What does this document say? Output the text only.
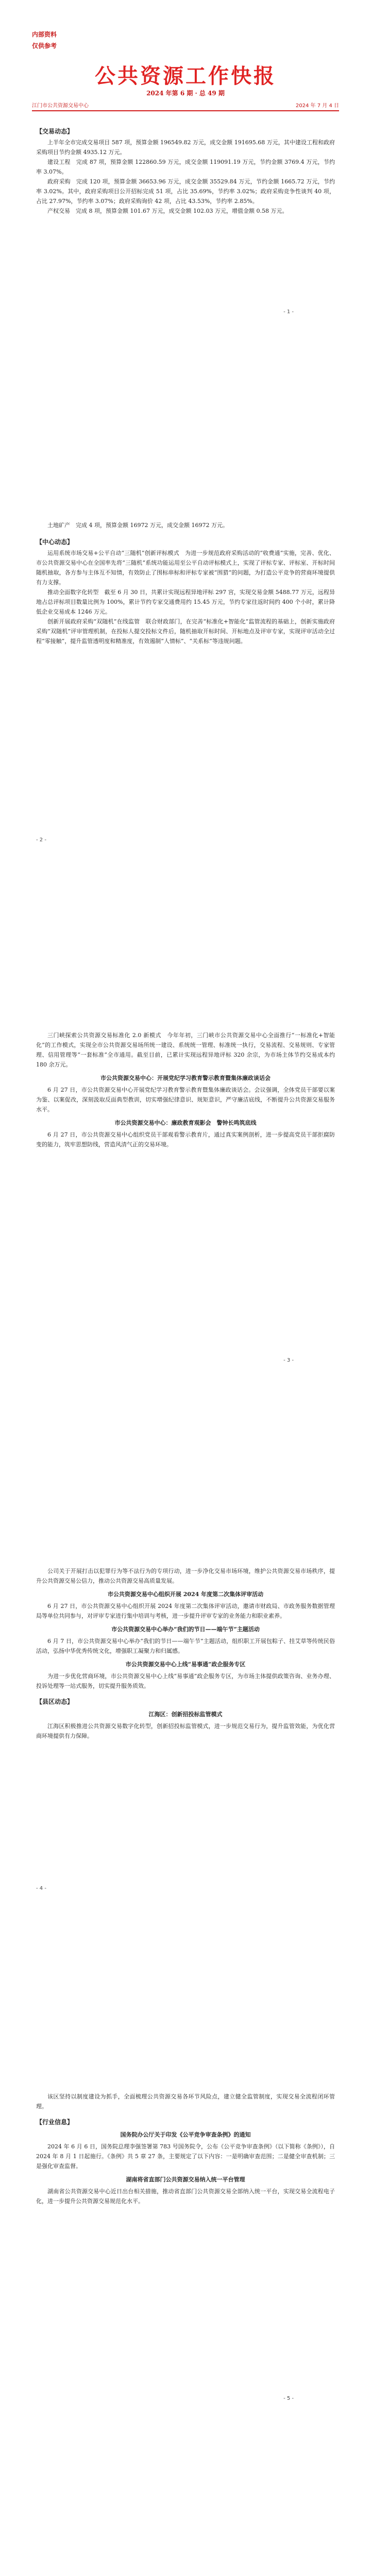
内部资料
仅供参考
公共资源工作快报
2024 年第 6 期 · 总 49 期
江门市公共资源交易中心	2024 年 7 月 4 日
【交易动态】

上半年全市完成交易项目 587 项，预算金额 196549.82 万元，成交金额 191695.68 万元，其中建设工程和政府采购项目节约金额 4935.12 万元。

建设工程　完成 87 项，预算金额 122860.59 万元，成交金额 119091.19 万元，节约金额 3769.4 万元，节约率 3.07%。

政府采购　完成 120 项，预算金额 36653.96 万元，成交金额 35529.84 万元，节约金额 1665.72 万元，节约率 3.02%。其中，政府采购项目公开招标完成 51 项，占比 35.69%，节约率 3.02%；政府采购竞争性谈判 40 项，占比 27.97%，节约率 3.07%；政府采购询价 42 项，占比 43.53%，节约率 2.85%。

产权交易　完成 8 项，预算金额 101.67 万元，成交金额 102.03 万元，增值金额 0.58 万元。

- 1 -

土地矿产　完成 4 项，预算金额 16972 万元，成交金额 16972 万元。

【中心动态】

运用系统市场交易+公平自动“三随机”创新评标模式　为进一步规范政府采购活动的“收费通”实施，完善、优化、市公共资源交易中心在全国率先将“三随机”系统功能运用至公平自动评标模式上，实现了评标专家、评标室、开标时间随机抽取，各方参与主体互不知情，有效防止了围标串标和评标专家被“围猎”的问题，为打造公平竞争的营商环境提供有力支撑。

推动全面数字化转型　截至 6 月 30 日，共累计实现远程异地评标 297 宫，实现交易金额 5488.77 万元，远程异地占总评标项目数量比例为 100%，累计节约专家交通费用约 15.45 万元，节约专家往返时间约 400 个小时，累计降低企业交易成本 1246 万元。

创新开展政府采购“双随机”在线监管　联合财政部门，在完善“标准化+智能化”监管流程的基础上，创新实施政府采购“双随机”评审管理机制，在投标人提交投标文件后，随机抽取开标时间、开标地点及评审专家，实现评审活动全过程“零接触”，提升监管透明度和精准度，有效遏制“人情标”、“关系标”等违规问题。

- 2 -

三门峡探索公共资源交易标准化 2.0 新模式　今年年初，三门峡市公共资源交易中心全面推行“一标准化+智能化”的工作模式，实现全市公共资源交易场所统一建设、系统统一管理、标准统一执行，交易流程、交易规则、专家管理、信用管理等“一套标准”全市通用。截至目前，已累计实现远程异地评标 320 余宗，为市场主体节约交易成本约 180 余万元。

市公共资源交易中心：开展党纪学习教育警示教育暨集体廉政谈话会

6 月 27 日，市公共资源交易中心开展党纪学习教育警示教育暨集体廉政谈话会。会议强调，全体党员干部要以案为鉴、以案促改，深刻汲取反面典型教训，切实增强纪律意识、规矩意识，严守廉洁底线，不断提升公共资源交易服务水平。

市公共资源交易中心：廉政教育观影会　警钟长鸣筑底线

6 月 27 日，市公共资源交易中心组织党员干部观看警示教育片，通过真实案例剖析，进一步提高党员干部拒腐防变的能力，筑牢思想防线，营造风清气正的交易环境。

- 3 -

公司关于开展打击以犯罪行为等不法行为的专项行动，进一步净化交易市场环境，维护公共资源交易市场秩序，提升公共资源交易公信力，推动公共资源交易高质量发展。

市公共资源交易中心组织开展 2024 年度第二次集体评审活动

6 月 27 日，市公共资源交易中心组织开展 2024 年度第二次集体评审活动，邀请市财政局、市政务服务数据管理局等单位共同参与，对评审专家进行集中培训与考核，进一步提升评审专家的业务能力和职业素养。

市公共资源交易中心举办“我们的节日——端午节”主题活动

6 月 7 日，市公共资源交易中心举办“我们的节日——端午节”主题活动，组织职工开展包粽子、挂艾草等传统民俗活动，弘扬中华优秀传统文化，增强职工凝聚力和归属感。

市公共资源交易中心上线“易事通”政企服务专区

为进一步优化营商环境，市公共资源交易中心上线“易事通”政企服务专区，为市场主体提供政策咨询、业务办理、投诉处理等一站式服务，切实提升服务质效。

【县区动态】
江海区：创新招投标监管模式

江海区积极推进公共资源交易数字化转型，创新招投标监管模式，进一步规范交易行为，提升监管效能，为优化营商环境提供有力保障。

- 4 -

该区坚持以制度建设为抓手，全面梳理公共资源交易各环节风险点，建立健全监管制度，实现交易全流程闭环管理。

【行业信息】
国务院办公厅关于印发《公平竞争审查条例》的通知

2024 年 6 月 6 日，国务院总理李强签署第 783 号国务院令，公布《公平竞争审查条例》（以下简称《条例》），自 2024 年 8 月 1 日起施行。《条例》共 5 章 27 条，主要规定了以下内容：一是明确审查范围；二是健全审查机制；三是强化审查监督。

湖南将省直部门公共资源交易纳入统一平台管理

湖南省公共资源交易中心近日出台相关措施，推动省直部门公共资源交易全部纳入统一平台，实现交易全流程电子化，进一步提升公共资源交易规范化水平。

- 5 -
